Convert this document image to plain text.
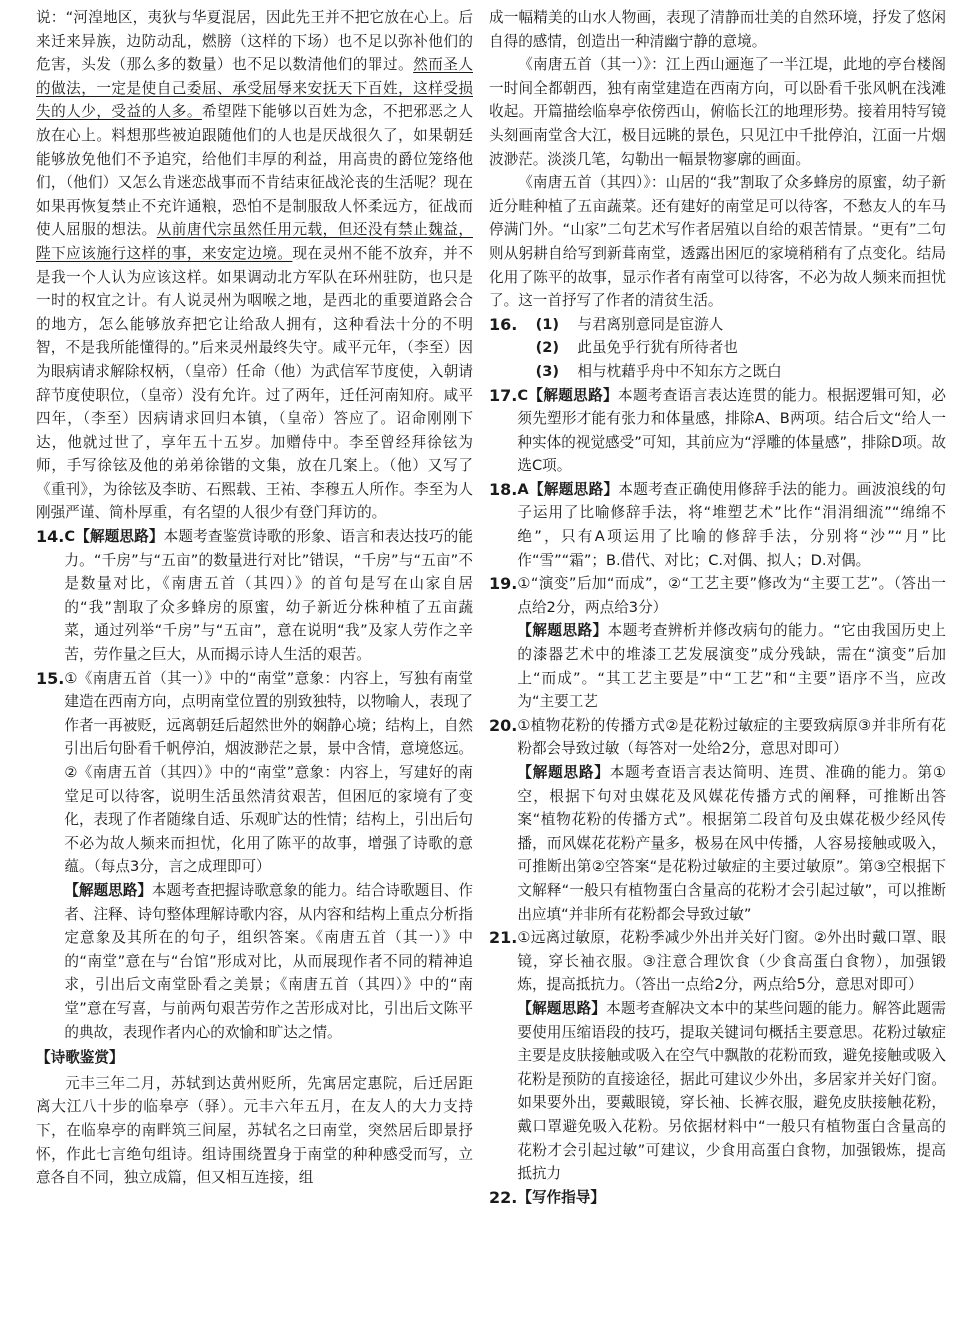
说：“河湟地区，夷狄与华夏混居，因此先王并不把它放在心上。后来迁来异族，边防动乱，燃膀（这样的下场）也不足以弥补他们的危害，头发（那么多的数量）也不足以数清他们的罪过。然而圣人的做法，一定是使自己委屈、承受屈辱来安抚天下百姓，这样受损失的人少，受益的人多。希望陛下能够以百姓为念，不把邪恶之人放在心上。料想那些被迫跟随他们的人也是厌战很久了，如果朝廷能够放免他们不予追究，给他们丰厚的利益，用高贵的爵位笼络他们，（他们）又怎么肯迷恋战事而不肯结束征战沦丧的生活呢？现在如果再恢复禁止不充许通粮，恐怕不是制服敌人怀柔远方，征战而使人屈服的想法。从前唐代宗虽然任用元载，但还没有禁止魏益，陛下应该施行这样的事，来安定边境。现在灵州不能不放弃，并不是我一个人认为应该这样。如果调动北方军队在环州驻防，也只是一时的权宜之计。有人说灵州为咽喉之地，是西北的重要道路会合的地方，怎么能够放弃把它让给敌人拥有，这种看法十分的不明智，不是我所能懂得的。”后来灵州最终失守。咸平元年，（李至）因为眼病请求解除权柄，（皇帝）任命（他）为武信军节度使，入朝请辞节度使职位，（皇帝）没有允许。过了两年，迁任河南知府。咸平四年，（李至）因病请求回归本镇，（皇帝）答应了。诏命刚刚下达，他就过世了，享年五十五岁。加赠侍中。李至曾经拜徐铉为师，手写徐铉及他的弟弟徐锴的文集，放在几案上。（他）又写了《重刊》，为徐铉及李昉、石熙载、王祐、李穆五人所作。李至为人刚强严谨、简朴厚重，有名望的人很少有登门拜访的。

14. C【解题思路】本题考查鉴赏诗歌的形象、语言和表达技巧的能力。“千房”与“五亩”的数量进行对比”错误，“千房”与“五亩”不是数量对比，《南唐五首（其四）》的首句是写在山家自居的“我”割取了众多蜂房的原蜜，幼子新近分株种植了五亩蔬菜，通过列举“千房”与“五亩”，意在说明“我”及家人劳作之辛苦，劳作量之巨大，从而揭示诗人生活的艰苦。
15. ①《南唐五首（其一）》中的“南堂”意象：内容上，写独有南堂建造在西南方向，点明南堂位置的别致独特，以物喻人，表现了作者一再被贬，远离朝廷后超然世外的娴静心境；结构上，自然引出后句卧看千帆停泊，烟波渺茫之景，景中含情，意境悠远。②《南唐五首（其四）》中的“南堂”意象：内容上，写建好的南堂足可以待客，说明生活虽然清贫艰苦，但困厄的家境有了变化，表现了作者随缘自适、乐观旷达的性情；结构上，引出后句不必为故人频来而担忧，化用了陈平的故事，增强了诗歌的意蕴。（每点3分，言之成理即可）

【解题思路】本题考查把握诗歌意象的能力。结合诗歌题目、作者、注释、诗句整体理解诗歌内容，从内容和结构上重点分析指定意象及其所在的句子，组织答案。《南唐五首（其一）》中的“南堂”意在与“台馆”形成对比，从而展现作者不同的精神追求，引出后文南堂卧看之美景；《南唐五首（其四）》中的“南堂”意在写喜，与前两句艰苦劳作之苦形成对比，引出后文陈平的典故，表现作者内心的欢愉和旷达之情。

【诗歌鉴赏】

元丰三年二月，苏轼到达黄州贬所，先寓居定惠院，后迁居距离大江八十步的临皋亭（驿）。元丰六年五月，在友人的大力支持下，在临皋亭的南畔筑三间屋，苏轼名之曰南堂，突然居后即景抒怀，作此七言绝句组诗。组诗围绕置身于南堂的种种感受而写，立意各自不同，独立成篇，但又相互连接，组

成一幅精美的山水人物画，表现了清静而壮美的自然环境，抒发了悠闲自得的感情，创造出一种清幽宁静的意境。

《南唐五首（其一）》：江上西山逦迤了一半江堤，此地的亭台楼阁一时间全都朝西，独有南堂建造在西南方向，可以卧看千张风帆在浅滩收起。开篇描绘临皋亭依傍西山，俯临长江的地理形势。接着用特写镜头刻画南堂含大江，极目远眺的景色，只见江中千批停泊，江面一片烟波渺茫。淡淡几笔，勾勒出一幅景物寥廓的画面。

《南唐五首（其四）》：山居的“我”割取了众多蜂房的原蜜，幼子新近分畦种植了五亩蔬菜。还有建好的南堂足可以待客，不愁友人的车马停满门外。“山家”二句艺术写作者居殖以自给的艰苦情景。“更有”二句则从躬耕自给写到新葺南堂，透露出困厄的家境稍稍有了点变化。结局化用了陈平的故事，显示作者有南堂可以待客，不必为故人频来而担忧了。这一首抒写了作者的清贫生活。

16.	(1)	与君离别意同是宦游人
(2)	此虽免乎行犹有所待者也
(3)	相与枕藉乎舟中不知东方之既白
17. C【解题思路】本题考查语言表达连贯的能力。根据逻辑可知，必须先塑形才能有张力和体量感，排除A、B两项。结合后文“给人一种实体的视觉感受”可知，其前应为“浮雕的体量感”，排除D项。故选C项。
18. A【解题思路】本题考查正确使用修辞手法的能力。画波浪线的句子运用了比喻修辞手法，将“堆塑艺术”比作“涓涓细流”“绵绵不绝”，只有A项运用了比喻的修辞手法，分别将“沙”“月”比作“雪”“霜”；B.借代、对比；C.对偶、拟人；D.对偶。
19. ①“演变”后加“而成”，②“工艺主要”修改为“主要工艺”。（答出一点给2分，两点给3分）

【解题思路】本题考查辨析并修改病句的能力。“它由我国历史上的漆器艺术中的堆漆工艺发展演变”成分残缺，需在“演变”后加上“而成”。“其工艺主要是”中“工艺”和“主要”语序不当，应改为“主要工艺

20. ①植物花粉的传播方式②是花粉过敏症的主要致病原③并非所有花粉都会导致过敏（每答对一处给2分，意思对即可）

【解题思路】本题考查语言表达简明、连贯、准确的能力。第①空，根据下句对虫媒花及风媒花传播方式的阐释，可推断出答案“植物花粉的传播方式”。根据第二段首句及虫媒花极少经风传播，而风媒花花粉产量多，极易在风中传播，人容易接触或吸入，可推断出第②空答案“是花粉过敏症的主要过敏原”。第③空根据下文解释“一般只有植物蛋白含量高的花粉才会引起过敏”，可以推断出应填“并非所有花粉都会导致过敏”

21. ①远离过敏原，花粉季减少外出并关好门窗。②外出时戴口罩、眼镜，穿长袖衣服。③注意合理饮食（少食高蛋白食物），加强锻炼，提高抵抗力。（答出一点给2分，两点给5分，意思对即可）

【解题思路】本题考查解决文本中的某些问题的能力。解答此题需要使用压缩语段的技巧，提取关键词句概括主要意思。花粉过敏症主要是皮肤接触或吸入在空气中飘散的花粉而致，避免接触或吸入花粉是预防的直接途径，据此可建议少外出，多居家并关好门窗。如果要外出，要戴眼镜，穿长袖、长裤衣服，避免皮肤接触花粉，戴口罩避免吸入花粉。另依据材料中“一般只有植物蛋白含量高的花粉才会引起过敏”可建议，少食用高蛋白食物，加强锻炼，提高抵抗力

22. 【写作指导】
